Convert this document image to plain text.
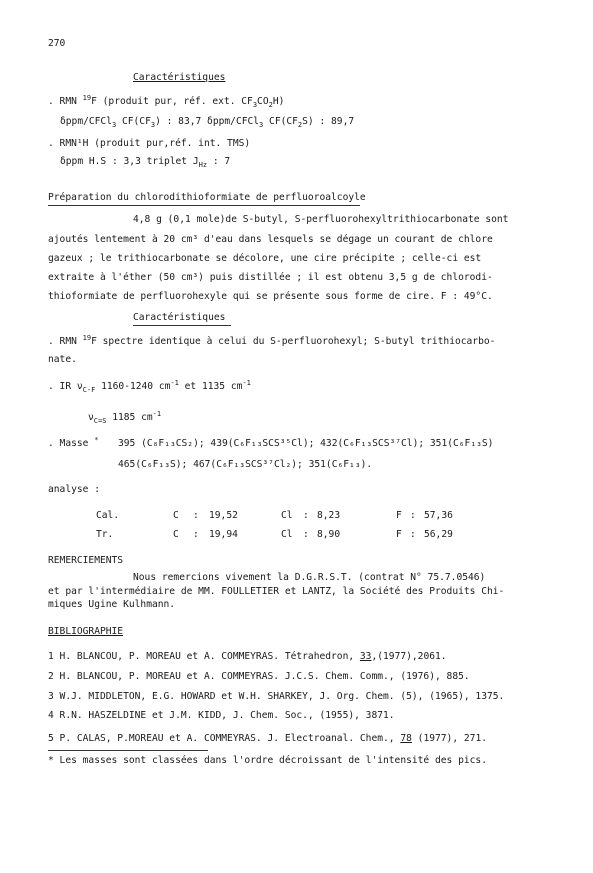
270
Caractéristiques
. RMN $^{19}$F (produit pur, réf. ext. $CF_3CO_2H$)
δppm/CFCl$_3$ $CF(CF_3)$ : 83,7 δppm/CFCl$_3$ $CF(CF_2S)$ : 89,7
. RMN¹H (produit pur,réf. int. TMS)
δppm H.S : 3,3 triplet $J_{Hz}$ : 7
Préparation du chlorodithioformiate de perfluoroalcoyle
4,8 g (0,1 mole)de S-butyl, S-perfluorohexyltrithiocarbonate sont
ajoutés lentement à 20 cm³ d'eau dans lesquels se dégage un courant de chlore
gazeux ; le trithiocarbonate se décolore, une cire précipite ; celle-ci est
extraite à l'éther (50 cm³) puis distillée ; il est obtenu 3,5 g de chlorodi-
thioformiate de perfluorohexyle qui se présente sous forme de cire. F : 49°C.
Caractéristiques
. RMN $^{19}$F spectre identique à celui du S-perfluorohexyl; S-butyl trithiocarbo-
nate.
. IR $\nu_{C-F}$ 1160-1240 $cm^{-1}$ et 1135 $cm^{-1}$
$\nu_{C=S}$ 1185 $cm^{-1}$
. Masse * 395 (C₈F₁₃CS₂); 439(C₆F₁₃SCS³⁵Cl); 432(C₆F₁₃SCS³⁷Cl); 351(C₆F₁₃S)
465(C₆F₁₃S); 467(C₆F₁₃SCS³⁷Cl₂); 351(C₆F₁₃).
analyse :
Cal.	C : 19,52	Cl : 8,23	F : 57,36
Tr.	C : 19,94	Cl : 8,90	F : 56,29
REMERCIEMENTS
Nous remercions vivement la D.G.R.S.T. (contrat N° 75.7.0546)
et par l'intermédiaire de MM. FOULLETIER et LANTZ, la Société des Produits Chi-
miques Ugine Kulhmann.
BIBLIOGRAPHIE
1 H. BLANCOU, P. MOREAU et A. COMMEYRAS. Tétrahedron, 33,(1977),2061.
2 H. BLANCOU, P. MOREAU et A. COMMEYRAS. J.C.S. Chem. Comm., (1976), 885.
3 W.J. MIDDLETON, E.G. HOWARD et W.H. SHARKEY, J. Org. Chem. (5), (1965), 1375.
4 R.N. HASZELDINE et J.M. KIDD, J. Chem. Soc., (1955), 3871.
5 P. CALAS, P.MOREAU et A. COMMEYRAS. J. Electroanal. Chem., 78 (1977), 271.
* Les masses sont classées dans l'ordre décroissant de l'intensité des pics.
